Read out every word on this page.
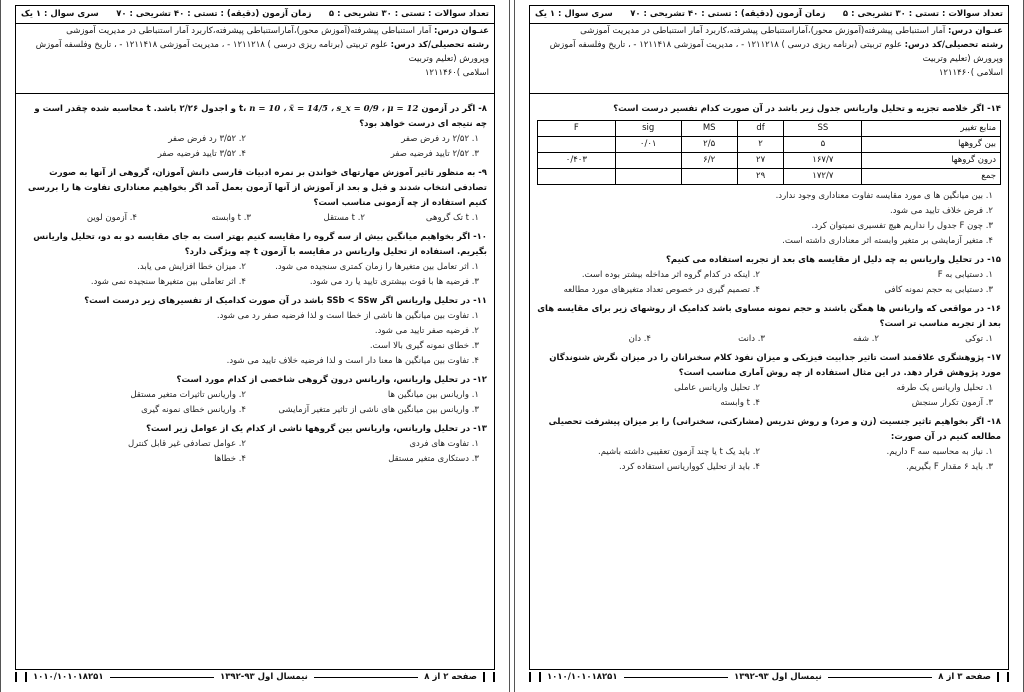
تعداد سوالات : تستی : ۳۰ تشریحی : ۵
زمان آزمون (دقیقه) : تستی : ۴۰ تشریحی : ۷۰
سری سوال : ۱ یک
عنـوان درس: آمار استنباطی پیشرفته(آموزش محور)،آماراستنباطی پیشرفته،کاربرد آمار استنباطی در مدیریت آموزشی
رشته تحصیلی/کد درس: علوم تربیتی (برنامه ریزی درسی ) ۱۲۱۱۲۱۸ - ، مدیریت آموزشی ۱۲۱۱۴۱۸ - ، تاریخ وفلسفه آموزش وپرورش (تعلیم وتربیت
اسلامی )۱۲۱۱۴۶۰
۸- اگر در آزمون t، n = 10 ، x̄ = 14/5 ، s_x = 0/9 ، μ = 12 و اجدول ۲/۲۶ باشد. t محاسبه شده چقدر است و چه نتیجه ای درست خواهد بود؟
۱. ۲/۵۲ رد فرض صفر
۲. ۳/۵۲ رد فرض صفر
۳. ۲/۵۲ تایید فرضیه صفر
۴. ۳/۵۲ تایید فرضیه صفر
۹- به منظور تاثیر آموزش مهارتهای خواندن بر نمره ادبیات فارسی دانش آموزان، گروهی از آنها به صورت تصادفی انتخاب شدند و قبل و بعد از آموزش از آنها آزمون بعمل آمد اگر بخواهیم معناداری تفاوت ها را بررسی کنیم استفاده از چه آزمونی مناسب است؟
۱. t تک گروهی
۲. t مستقل
۳. t وابسته
۴. آزمون لوین
۱۰- اگر بخواهیم میانگین بیش از سه گروه را مقایسه کنیم بهتر است به جای مقایسه دو به دو، تحلیل واریانس بگیریم. استفاده از تحلیل واریانس در مقایسه با آزمون t چه ویژگی دارد؟
۱. اثر تعامل بین متغیرها را زمان کمتری سنجیده می شود.
۲. میزان خطا افزایش می یابد.
۳. فرضیه ها با قوت بیشتری تایید یا رد می شود.
۴. اثر تعاملی بین متغیرها سنجیده نمی شود.
۱۱- در تحلیل واریانس اگر SSb < SSw باشد در آن صورت کدامیک از تفسیرهای زیر درست است؟
۱. تفاوت بین میانگین ها ناشی از خطا است و لذا فرضیه صفر رد می شود.
۲. فرضیه صفر تایید می شود.
۳. خطای نمونه گیری بالا است.
۴. تفاوت بین میانگین ها معنا دار است و لذا فرضیه خلاف تایید می شود.
۱۲- در تحلیل واریانس، واریانس درون گروهی شاخصی از کدام مورد است؟
۱. واریانس بین میانگین ها
۲. واریانس تاثیرات متغیر مستقل
۳. واریانس بین میانگین های ناشی از تاثیر متغیر آزمایشی
۴. واریانس خطای نمونه گیری
۱۳- در تحلیل واریانس، واریانس بین گروهها ناشی از کدام یک از عوامل زیر است؟
۱. تفاوت های فردی
۲. عوامل تصادفی غیر قابل کنترل
۳. دستکاری متغیر مستقل
۴. خطاها
صفحه ۲ از ۸
نیمسال اول ۹۳-۱۳۹۲
۱۰۱۰/۱۰۱۰۱۸۲۵۱
تعداد سوالات : تستی : ۳۰ تشریحی : ۵
زمان آزمون (دقیقه) : تستی : ۴۰ تشریحی : ۷۰
سری سوال : ۱ یک
عنـوان درس: آمار استنباطی پیشرفته(آموزش محور)،آماراستنباطی پیشرفته،کاربرد آمار استنباطی در مدیریت آموزشی
رشته تحصیلی/کد درس: علوم تربیتی (برنامه ریزی درسی ) ۱۲۱۱۲۱۸ - ، مدیریت آموزشی ۱۲۱۱۴۱۸ - ، تاریخ وفلسفه آموزش وپرورش (تعلیم وتربیت
اسلامی )۱۲۱۱۴۶۰
۱۴- اگر خلاصه تجزیه و تحلیل واریانس جدول زیر باشد در آن صورت کدام تفسیر درست است؟
F	sig	MS	df	SS	منابع تغییر
	۰/۰۱	۲/۵	۲	۵	بین گروهها
۰/۴۰۳		۶/۲	۲۷	۱۶۷/۷	درون گروهها
			۲۹	۱۷۲/۷	جمع
۱. بین میانگین ها ی مورد مقایسه تفاوت معناداری وجود ندارد.
۲. فرض خلاف تایید می شود.
۳. چون F جدول را نداریم هیچ تفسیری نمیتوان کرد.
۴. متغیر آزمایشی بر متغیر وابسته اثر معناداری داشته است.
۱۵- در تحلیل واریانس به چه دلیل از مقایسه های بعد از تجربه استفاده می کنیم؟
۱. دستیابی به F
۲. اینکه در کدام گروه اثر مداخله بیشتر بوده است.
۳. دستیابی به حجم نمونه کافی
۴. تصمیم گیری در خصوص تعداد متغیرهای مورد مطالعه
۱۶- در مواقعی که واریانس ها همگن باشند و حجم نمونه مساوی باشد کدامیک از روشهای زیر برای مقایسه های بعد از تجربه مناسب تر است؟
۱. توکی
۲. شفه
۳. دانت
۴. دان
۱۷- پژوهشگری علاقمند است تاثیر جذابیت فیزیکی و میزان نفوذ کلام سخنرانان را در میزان نگرش شنوندگان مورد پژوهش قرار دهد. در این مثال استفاده از چه روش آماری مناسب است؟
۱. تحلیل واریانس یک طرفه
۲. تحلیل واریانس عاملی
۳. آزمون تکرار سنجش
۴. t وابسته
۱۸- اگر بخواهیم تاثیر جنسیت (زن و مرد) و روش تدریس (مشارکتی، سخنرانی) را بر میزان پیشرفت تحصیلی مطالعه کنیم در آن صورت:
۱. نیاز به محاسبه سه F داریم.
۲. باید یک t یا چند آزمون تعقیبی داشته باشیم.
۳. باید ۶ مقدار F بگیریم.
۴. باید از تحلیل کوواریانس استفاده کرد.
صفحه ۳ از ۸
نیمسال اول ۹۳-۱۳۹۲
۱۰۱۰/۱۰۱۰۱۸۲۵۱
